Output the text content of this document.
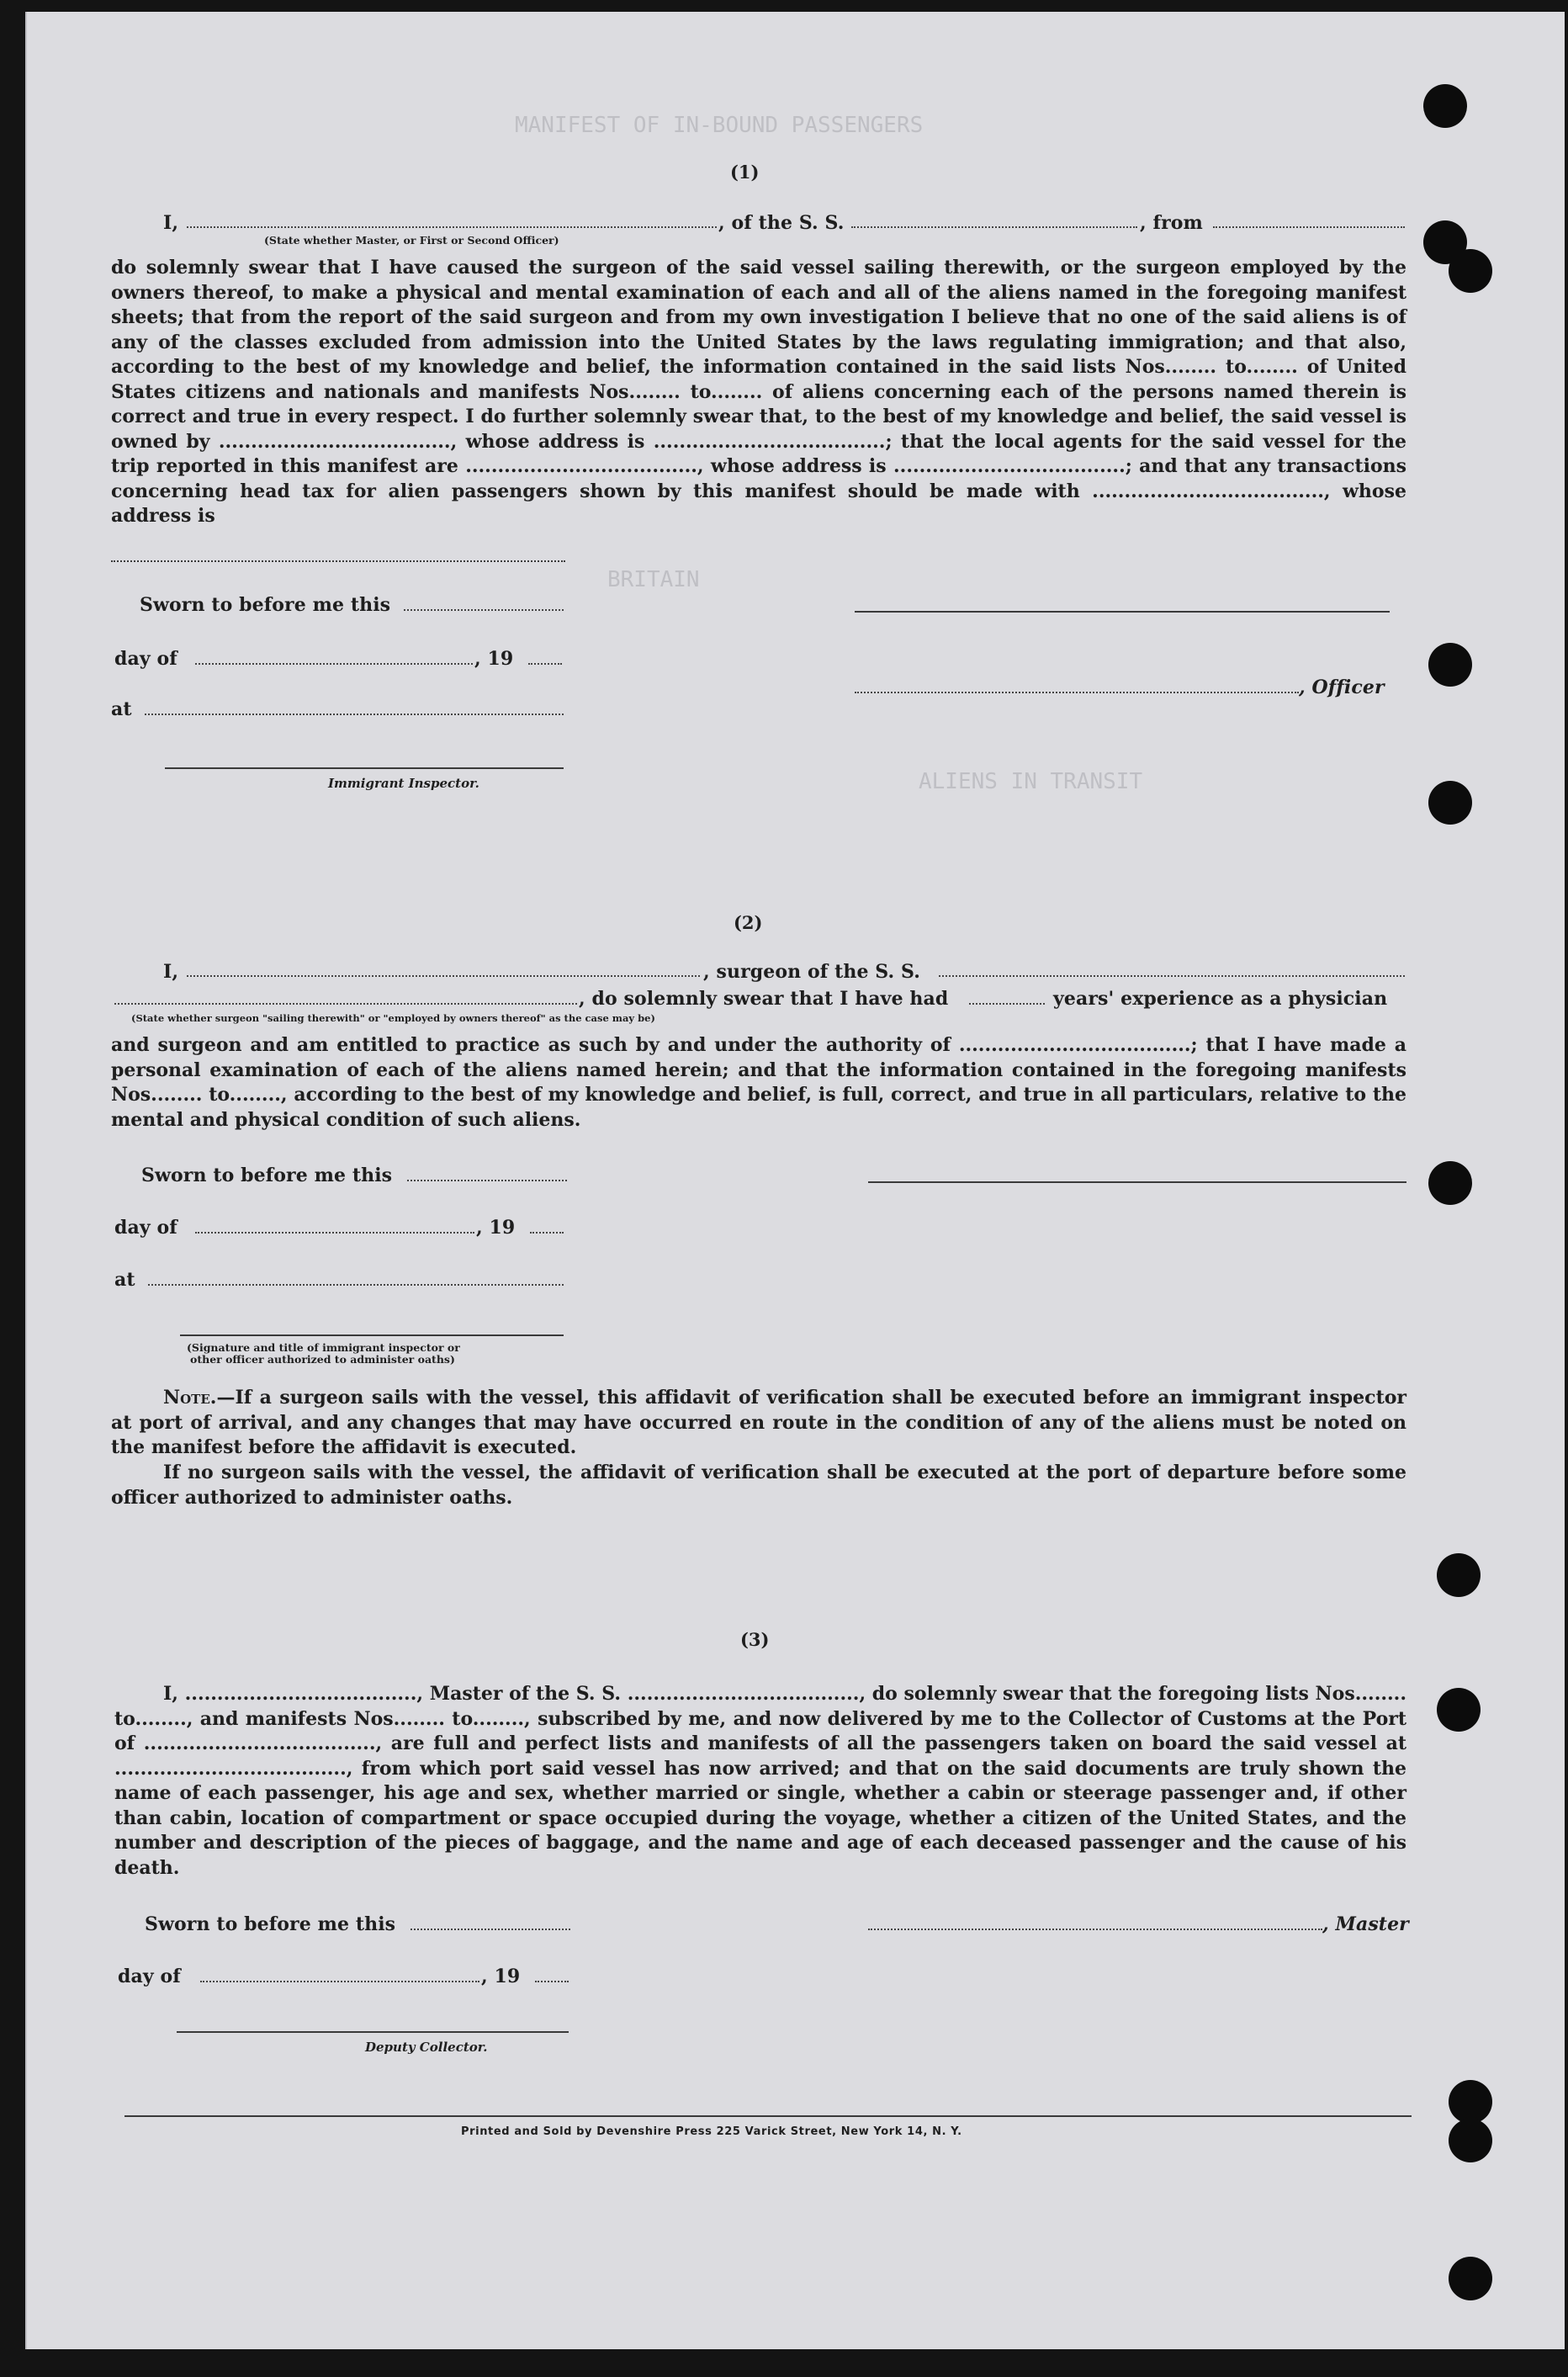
MANIFEST OF IN-BOUND PASSENGERS
BRITAIN
ALIENS IN TRANSIT
(1)
I,	, of the S. S.	, from
(State whether Master, or First or Second Officer)
do solemnly swear that I have caused the surgeon of the said vessel sailing therewith, or the surgeon employed by the owners thereof, to make a physical and mental examination of each and all of the aliens named in the foregoing manifest sheets; that from the report of the said surgeon and from my own investigation I believe that no one of the said aliens is of any of the classes excluded from admission into the United States by the laws regulating immigration; and that also, according to the best of my knowledge and belief, the information contained in the said lists Nos........ to........ of United States citizens and nationals and manifests Nos........ to........ of aliens concerning each of the persons named therein is correct and true in every respect. I do further solemnly swear that, to the best of my knowledge and belief, the said vessel is owned by ...................................., whose address is ....................................; that the local agents for the said vessel for the trip reported in this manifest are ...................................., whose address is ....................................; and that any transactions concerning head tax for alien passengers shown by this manifest should be made with ...................................., whose address is
Sworn to before me this
day of	, 19
, Officer
at
Immigrant Inspector.
(2)
I,	, surgeon of the S. S.
, do solemnly swear that I have had	years' experience as a physician
(State whether surgeon "sailing therewith" or "employed by owners thereof" as the case may be)
and surgeon and am entitled to practice as such by and under the authority of ....................................; that I have made a personal examination of each of the aliens named herein; and that the information contained in the foregoing manifests Nos........ to........, according to the best of my knowledge and belief, is full, correct, and true in all particulars, relative to the mental and physical condition of such aliens.
Sworn to before me this
day of	, 19
at
(Signature and title of immigrant inspector or
other officer authorized to administer oaths)
Note.—If a surgeon sails with the vessel, this affidavit of verification shall be executed before an immigrant inspector at port of arrival, and any changes that may have occurred en route in the condition of any of the aliens must be noted on the manifest before the affidavit is executed.
If no surgeon sails with the vessel, the affidavit of verification shall be executed at the port of departure before some officer authorized to administer oaths.
(3)
I, ...................................., Master of the S. S. ...................................., do solemnly swear that the foregoing lists Nos........ to........, and manifests Nos........ to........, subscribed by me, and now delivered by me to the Collector of Customs at the Port of ...................................., are full and perfect lists and manifests of all the passengers taken on board the said vessel at ...................................., from which port said vessel has now arrived; and that on the said documents are truly shown the name of each passenger, his age and sex, whether married or single, whether a cabin or steerage passenger and, if other than cabin, location of compartment or space occupied during the voyage, whether a citizen of the United States, and the number and description of the pieces of baggage, and the name and age of each deceased passenger and the cause of his death.
Sworn to before me this	, Master
day of	, 19
Deputy Collector.
Printed and Sold by Devenshire Press 225 Varick Street, New York 14, N. Y.
